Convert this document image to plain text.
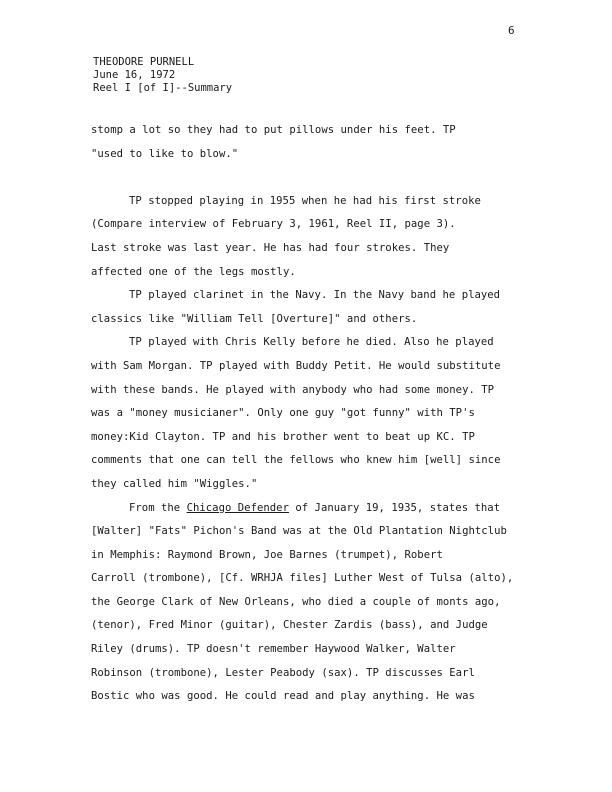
6
THEODORE PURNELL
June 16, 1972
Reel I [of I]--Summary
stomp a lot so they had to put pillows under his feet. TP
"used to like to blow."
TP stopped playing in 1955 when he had his first stroke
(Compare interview of February 3, 1961, Reel II, page 3).
Last stroke was last year. He has had four strokes. They
affected one of the legs mostly.
TP played clarinet in the Navy. In the Navy band he played
classics like "William Tell [Overture]" and others.
TP played with Chris Kelly before he died. Also he played
with Sam Morgan. TP played with Buddy Petit. He would substitute
with these bands. He played with anybody who had some money. TP
was a "money musicianer". Only one guy "got funny" with TP's
money:Kid Clayton. TP and his brother went to beat up KC. TP
comments that one can tell the fellows who knew him [well] since
they called him "Wiggles."
From the Chicago Defender of January 19, 1935, states that
[Walter] "Fats" Pichon's Band was at the Old Plantation Nightclub
in Memphis: Raymond Brown, Joe Barnes (trumpet), Robert
Carroll (trombone), [Cf. WRHJA files] Luther West of Tulsa (alto),
the George Clark of New Orleans, who died a couple of monts ago,
(tenor), Fred Minor (guitar), Chester Zardis (bass), and Judge
Riley (drums). TP doesn't remember Haywood Walker, Walter
Robinson (trombone), Lester Peabody (sax). TP discusses Earl
Bostic who was good. He could read and play anything. He was
